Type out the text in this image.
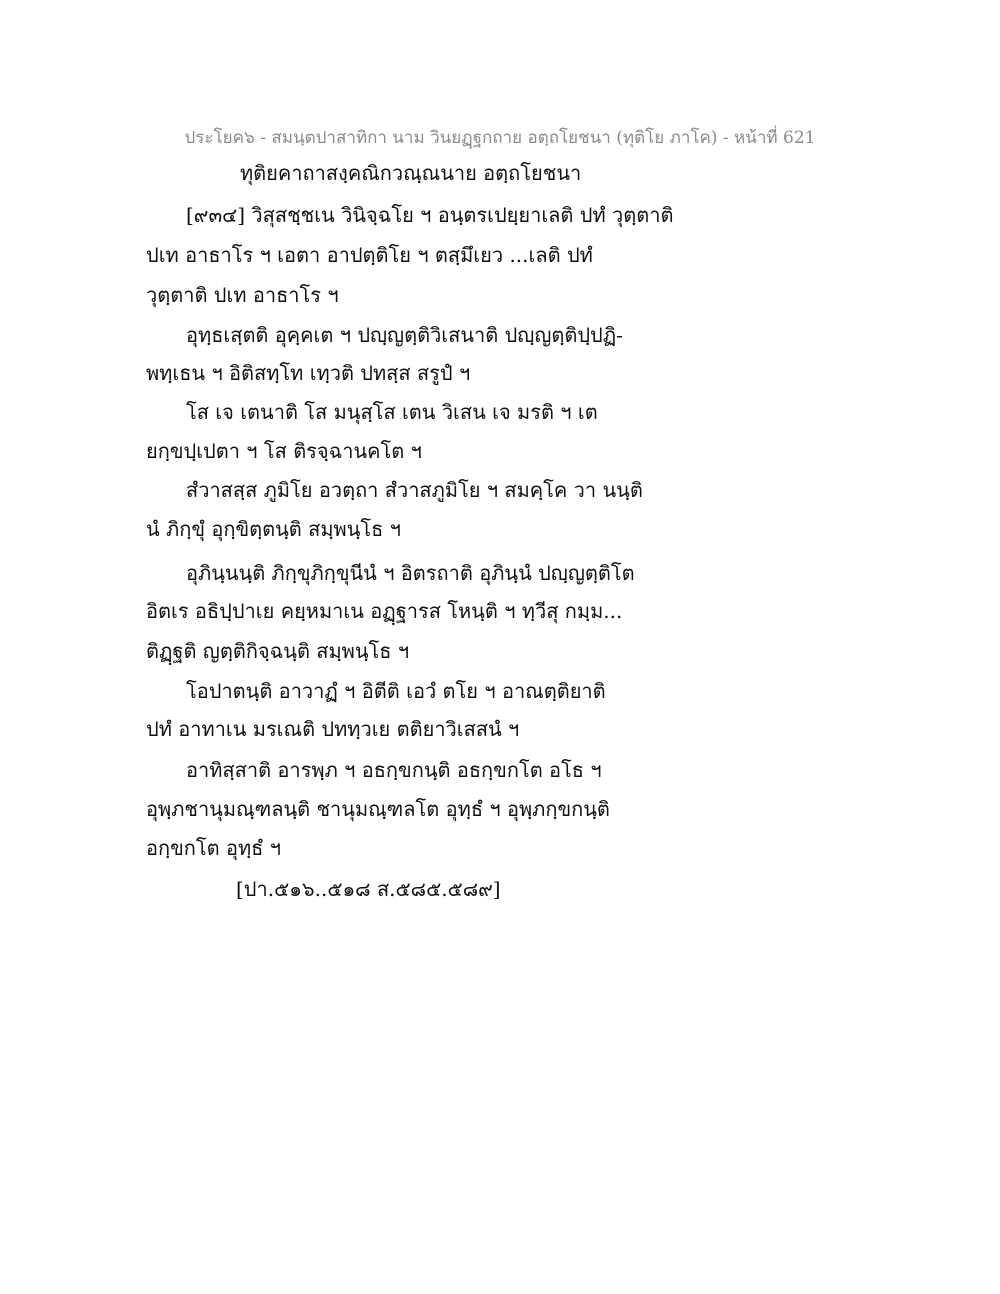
ประโยค๖ - สมนฺตปาสาทิกา นาม วินยฏฺฐกถาย อตฺถโยชนา (ทุติโย ภาโค) - หน้าที่ 621
ทุติยคาถาสงฺคณิกวณฺณนาย อตฺถโยชนา
[๙๓๔] วิสุสชฺชเน วินิจฺฉโย ฯ อนฺตรเปยฺยาเลติ ปทํ วุตฺตาติ
ปเท อาธาโร ฯ เอตา อาปตฺติโย ฯ ตสฺมึเยว ...เลติ ปทํ
วุตฺตาติ ปเท อาธาโร ฯ
อุทฺธเสฺตติ อุคฺคเต ฯ ปญฺญตฺติวิเสนาติ ปญฺญตฺติปฺปฏิ-
พทฺเธน ฯ อิติสทฺโท เทฺวติ ปทสฺส สรูปํ ฯ
โส เจ เตนาติ โส มนุสฺโส เตน วิเสน เจ มรติ ฯ เต
ยกฺขปฺเปตา ฯ โส ติรจฺฉานคโต ฯ
สํวาสสฺส ภูมิโย อวตฺถา สํวาสภูมิโย ฯ สมคฺโค วา นนฺติ
นํ ภิกฺขุํ อุกฺขิตฺตนฺติ สมฺพนฺโธ ฯ
อุภินฺนนฺติ ภิกฺขุภิกฺขุนีนํ ฯ อิตรถาติ อุภินฺนํ ปญฺญตฺติโต
อิตเร อธิปฺปาเย คยฺหมาเน อฏฺฐารส โหนฺติ ฯ ทฺวีสุ กมฺม...
ติฏฺฐติ ญตฺติกิจฺฉนฺติ สมฺพนฺโธ ฯ
โอปาตนฺติ อาวาฏํ ฯ อิตีติ เอวํ ตโย ฯ อาณตฺติยาติ
ปทํ อาทาเน มรเณติ ปททฺวเย ตติยาวิเสสนํ ฯ
อาทิสฺสาติ อารพฺภ ฯ อธกฺขกนฺติ อธกฺขกโต อโธ ฯ
อุพฺภชานุมณฺฑลนฺติ ชานุมณฺฑลโต อุทฺธํ ฯ อุพฺภกฺขกนฺติ
อกฺขกโต อุทฺธํ ฯ
[ปา.๕๑๖..๕๑๘ ส.๕๘๕.๕๘๙]
